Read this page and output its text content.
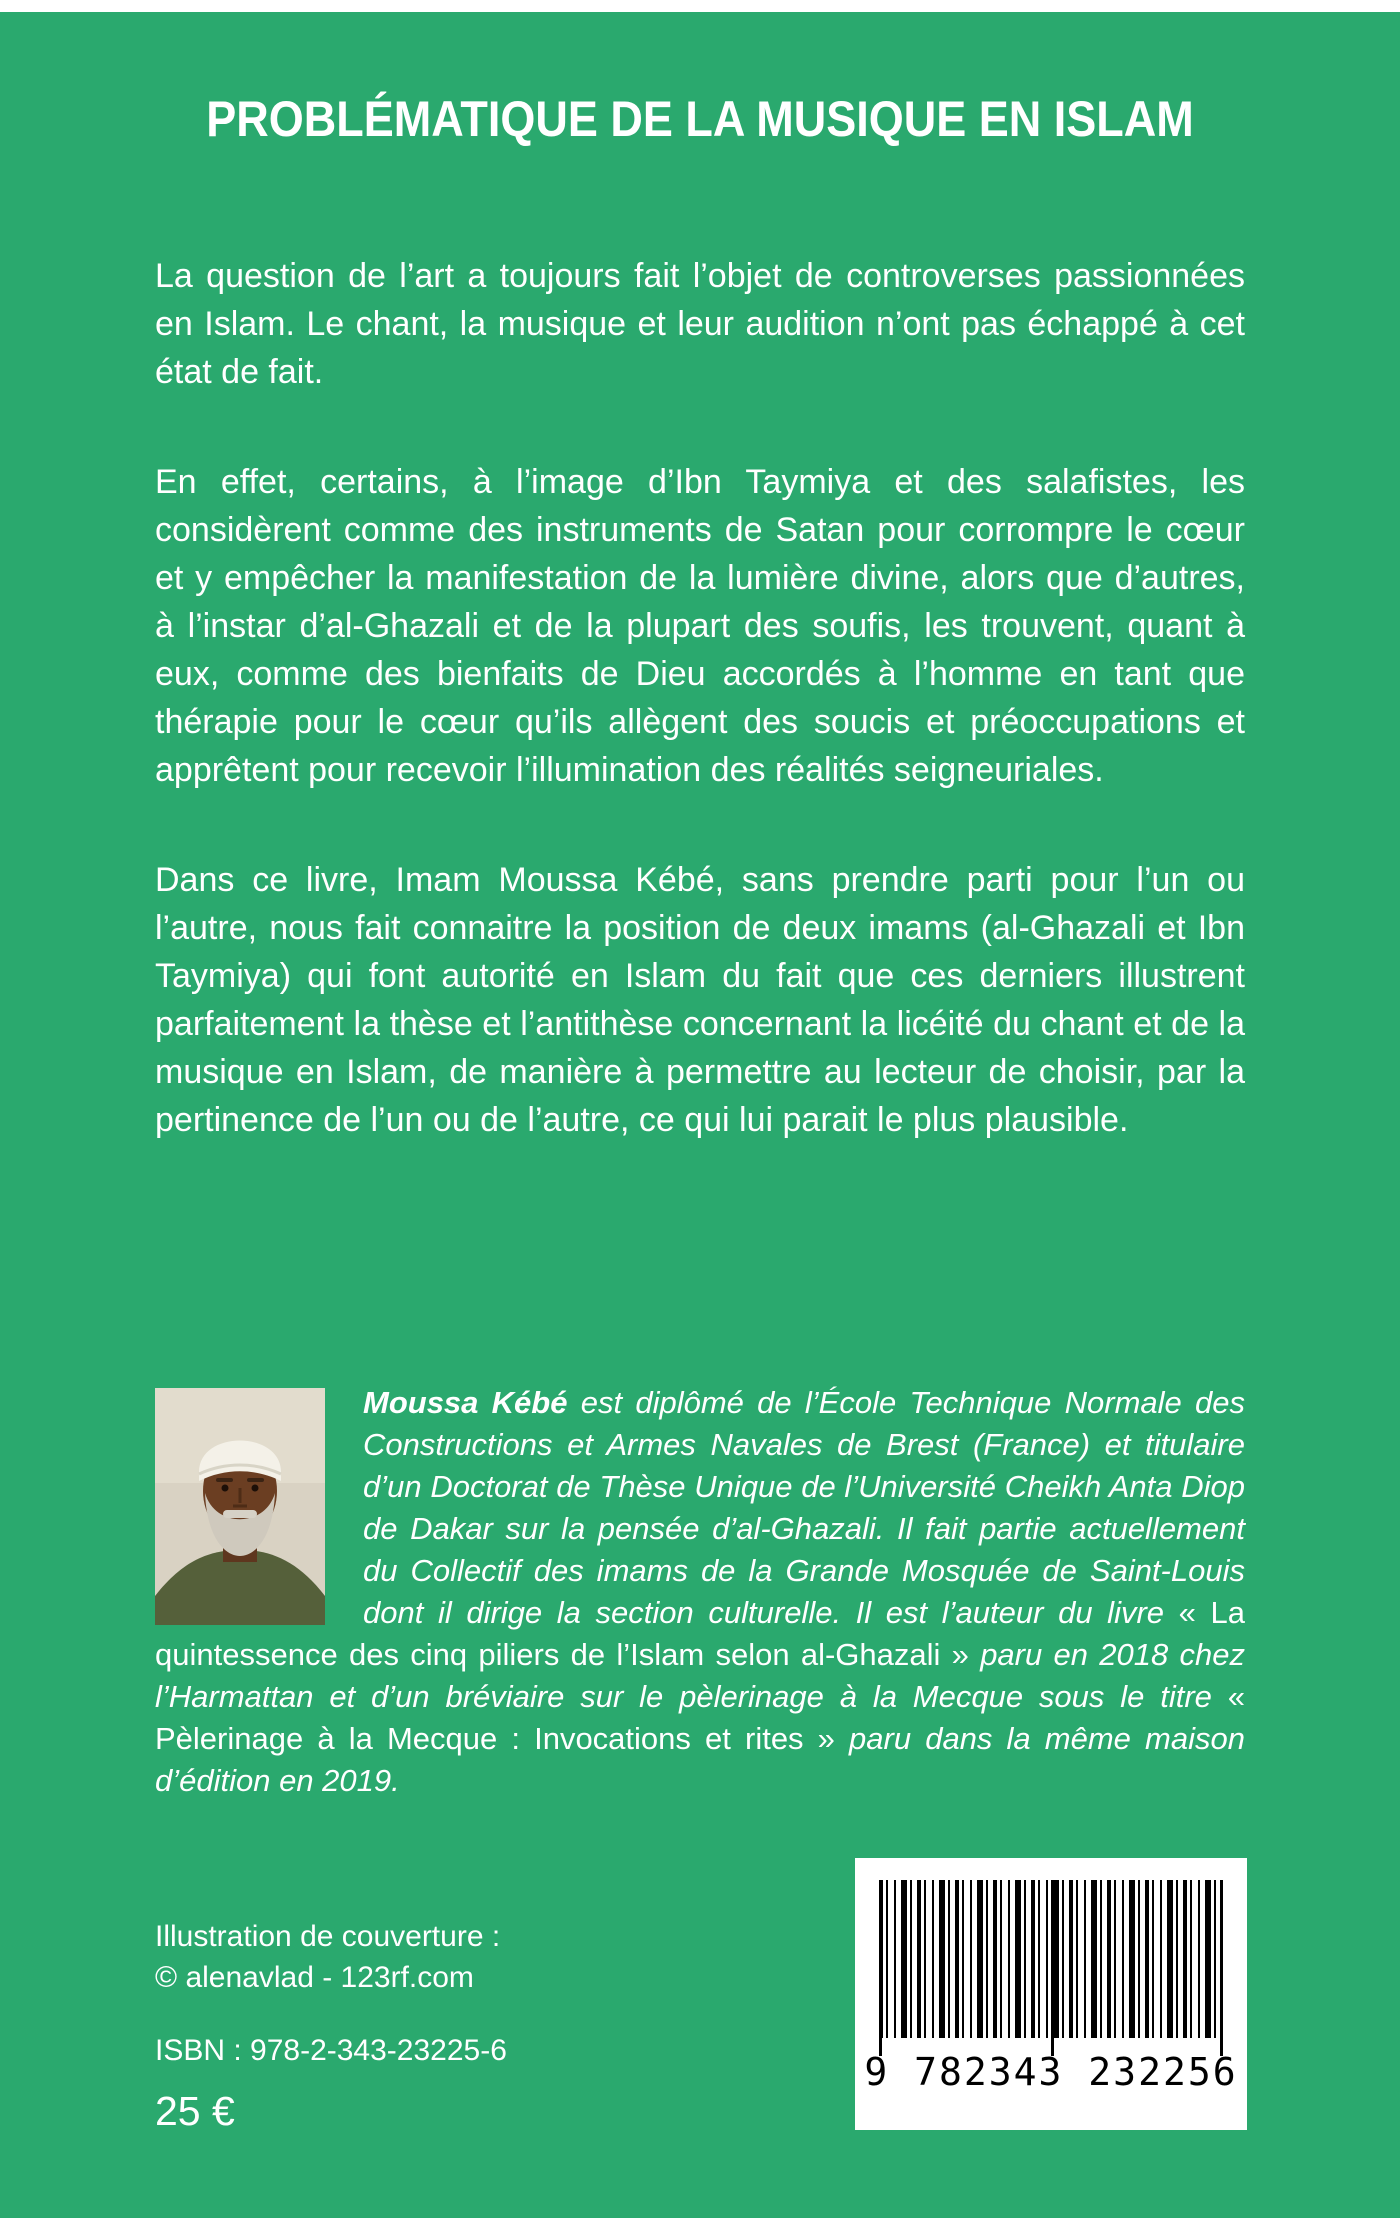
PROBLÉMATIQUE DE LA MUSIQUE EN ISLAM

La question de l’art a toujours fait l’objet de controverses passionnées en Islam. Le chant, la musique et leur audition n’ont pas échappé à cet état de fait.

En effet, certains, à l’image d’Ibn Taymiya et des salafistes, les considèrent comme des instruments de Satan pour corrompre le cœur et y empêcher la manifestation de la lumière divine, alors que d’autres, à l’instar d’al-Ghazali et de la plupart des soufis, les trouvent, quant à eux, comme des bienfaits de Dieu accordés à l’homme en tant que thérapie pour le cœur qu’ils allègent des soucis et préoccupations et apprêtent pour recevoir l’illumination des réalités seigneuriales.

Dans ce livre, Imam Moussa Kébé, sans prendre parti pour l’un ou l’autre, nous fait connaitre la position de deux imams (al-Ghazali et Ibn Taymiya) qui font autorité en Islam du fait que ces derniers illustrent parfaitement la thèse et l’antithèse concernant la licéité du chant et de la musique en Islam, de manière à permettre au lecteur de choisir, par la pertinence de l’un ou de l’autre, ce qui lui parait le plus plausible.

Moussa Kébé est diplômé de l’École Technique Normale des Constructions et Armes Navales de Brest (France) et titulaire d’un Doctorat de Thèse Unique de l’Université Cheikh Anta Diop de Dakar sur la pensée d’al-Ghazali. Il fait partie actuellement du Collectif des imams de la Grande Mosquée de Saint-Louis dont il dirige la section culturelle. Il est l’auteur du livre « La quintessence des cinq piliers de l’Islam selon al-Ghazali » paru en 2018 chez l’Harmattan et d’un bréviaire sur le pèlerinage à la Mecque sous le titre « Pèlerinage à la Mecque : Invocations et rites » paru dans la même maison d’édition en 2019.

Illustration de couverture :
© alenavlad - 123rf.com
ISBN : 978-2-343-23225-6
25 €
9 782343 232256
